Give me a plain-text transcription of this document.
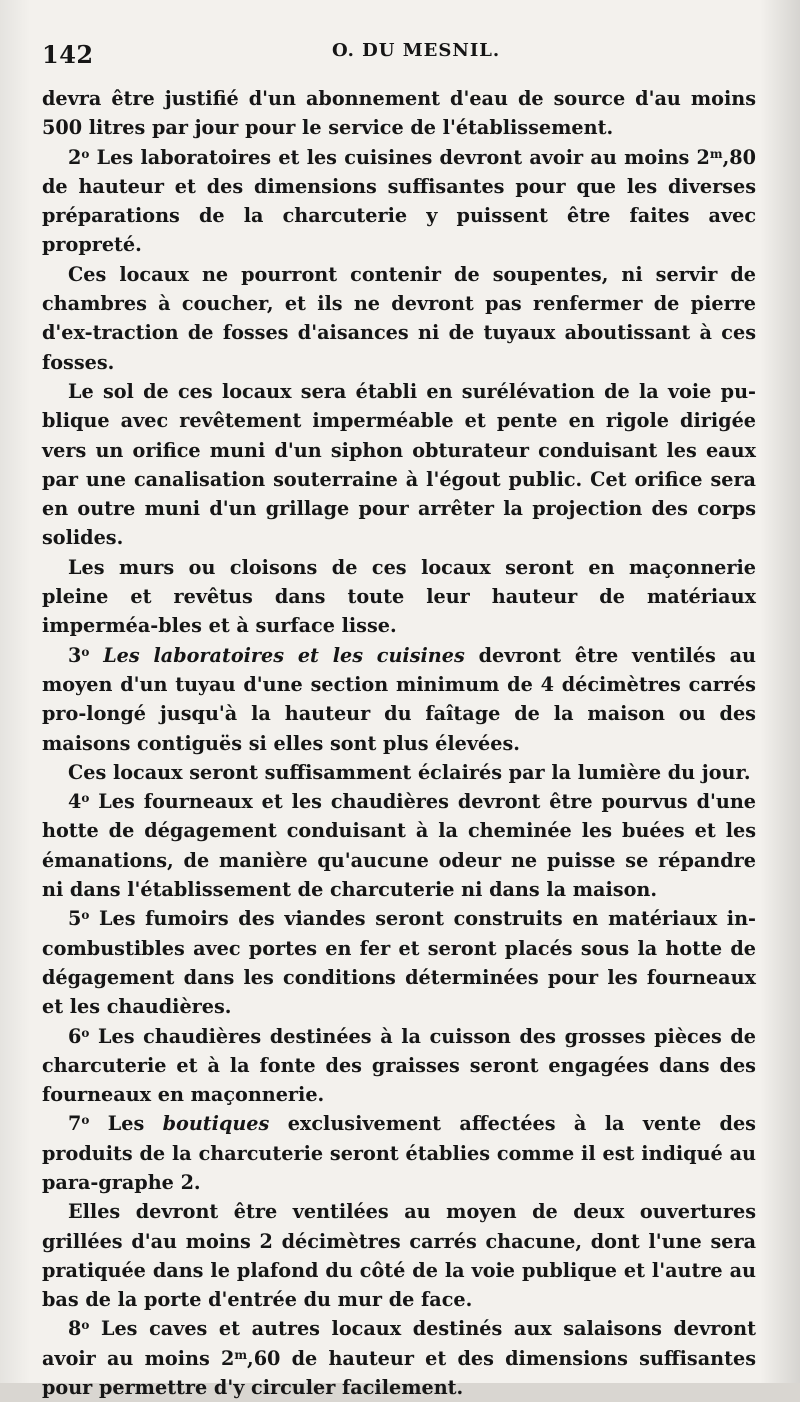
142	O. DU MESNIL.

devra être justifié d'un abonnement d'eau de source d'au moins 500 litres par jour pour le service de l'établissement.

2$^o$ Les laboratoires et les cuisines devront avoir au moins 2$^m$,80 de hauteur et des dimensions suffisantes pour que les diverses préparations de la charcuterie y puissent être faites avec propreté.

Ces locaux ne pourront contenir de soupentes, ni servir de chambres à coucher, et ils ne devront pas renfermer de pierre d'ex-traction de fosses d'aisances ni de tuyaux aboutissant à ces fosses.

Le sol de ces locaux sera établi en surélévation de la voie pu-blique avec revêtement imperméable et pente en rigole dirigée vers un orifice muni d'un siphon obturateur conduisant les eaux par une canalisation souterraine à l'égout public. Cet orifice sera en outre muni d'un grillage pour arrêter la projection des corps solides.

Les murs ou cloisons de ces locaux seront en maçonnerie pleine et revêtus dans toute leur hauteur de matériaux imperméa-bles et à surface lisse.

3$^o$ Les laboratoires et les cuisines devront être ventilés au moyen d'un tuyau d'une section minimum de 4 décimètres carrés pro-longé jusqu'à la hauteur du faîtage de la maison ou des maisons contiguës si elles sont plus élevées.

Ces locaux seront suffisamment éclairés par la lumière du jour.

4$^o$ Les fourneaux et les chaudières devront être pourvus d'une hotte de dégagement conduisant à la cheminée les buées et les émanations, de manière qu'aucune odeur ne puisse se répandre ni dans l'établissement de charcuterie ni dans la maison.

5$^o$ Les fumoirs des viandes seront construits en matériaux in-combustibles avec portes en fer et seront placés sous la hotte de dégagement dans les conditions déterminées pour les fourneaux et les chaudières.

6$^o$ Les chaudières destinées à la cuisson des grosses pièces de charcuterie et à la fonte des graisses seront engagées dans des fourneaux en maçonnerie.

7$^o$ Les boutiques exclusivement affectées à la vente des produits de la charcuterie seront établies comme il est indiqué au para-graphe 2.

Elles devront être ventilées au moyen de deux ouvertures grillées d'au moins 2 décimètres carrés chacune, dont l'une sera pratiquée dans le plafond du côté de la voie publique et l'autre au bas de la porte d'entrée du mur de face.

8$^o$ Les caves et autres locaux destinés aux salaisons devront avoir au moins 2$^m$,60 de hauteur et des dimensions suffisantes pour permettre d'y circuler facilement.
